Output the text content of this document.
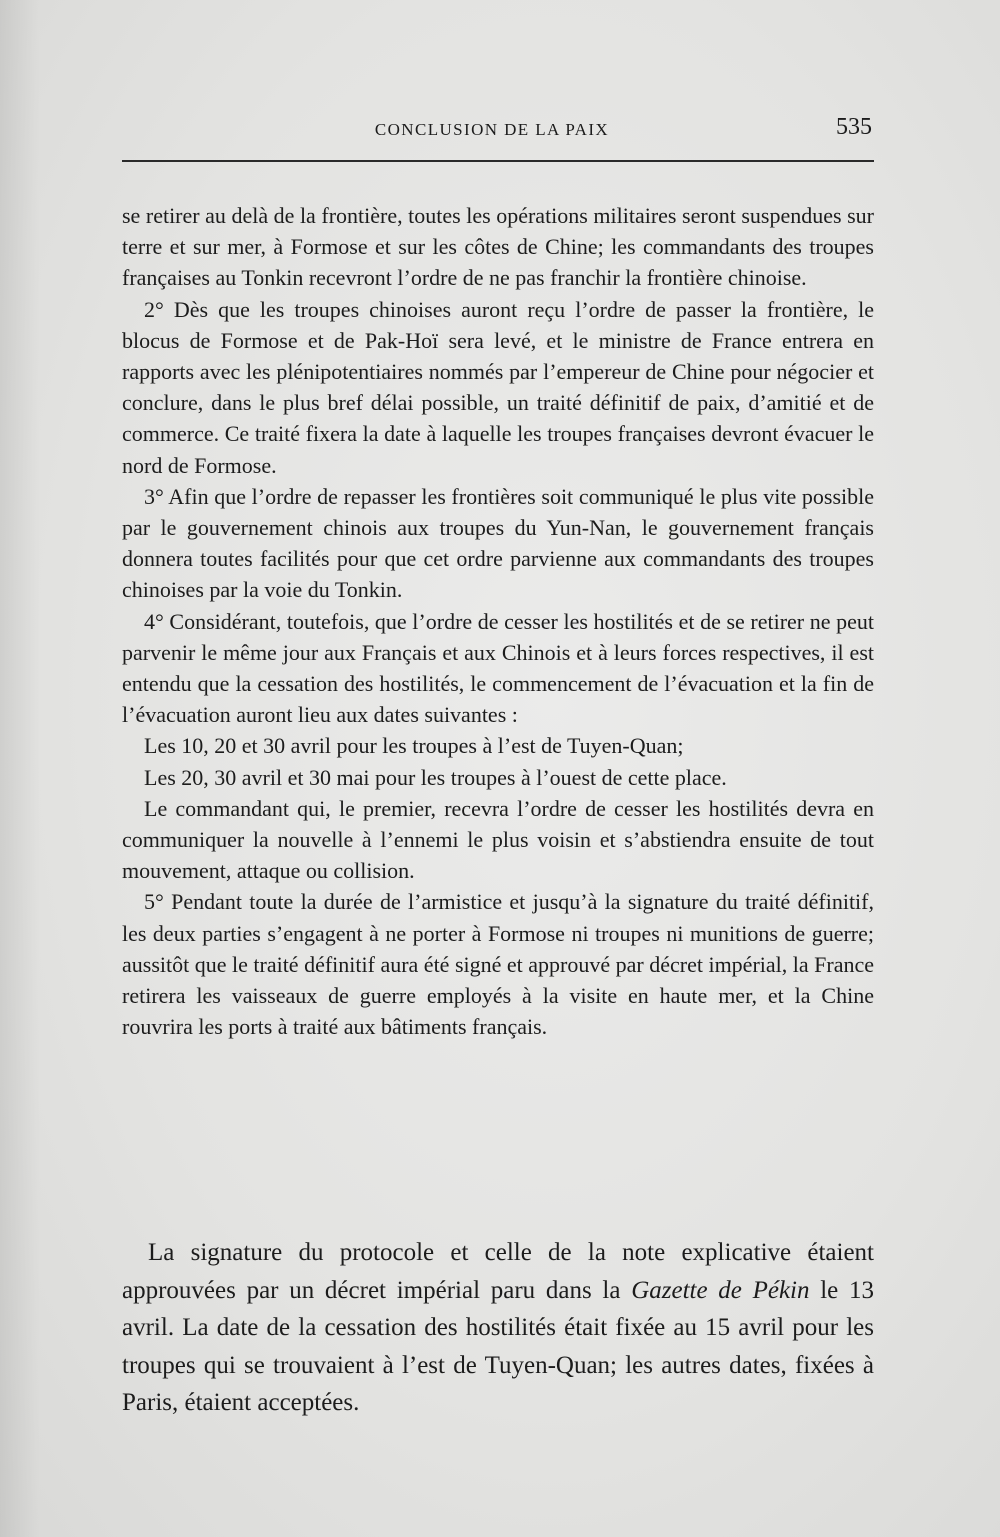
CONCLUSION DE LA PAIX	535

se retirer au delà de la frontière, toutes les opérations militaires seront suspendues sur terre et sur mer, à Formose et sur les côtes de Chine; les commandants des troupes françaises au Tonkin recevront l’ordre de ne pas franchir la frontière chinoise.

2° Dès que les troupes chinoises auront reçu l’ordre de passer la frontière, le blocus de Formose et de Pak-Hoï sera levé, et le ministre de France entrera en rapports avec les plénipotentiaires nommés par l’empereur de Chine pour négocier et conclure, dans le plus bref délai possible, un traité définitif de paix, d’amitié et de commerce. Ce traité fixera la date à laquelle les troupes françaises devront évacuer le nord de Formose.

3° Afin que l’ordre de repasser les frontières soit communiqué le plus vite possible par le gouvernement chinois aux troupes du Yun-Nan, le gouvernement français donnera toutes facilités pour que cet ordre parvienne aux commandants des troupes chinoises par la voie du Tonkin.

4° Considérant, toutefois, que l’ordre de cesser les hostilités et de se retirer ne peut parvenir le même jour aux Français et aux Chinois et à leurs forces respectives, il est entendu que la cessation des hostilités, le commencement de l’évacuation et la fin de l’évacuation auront lieu aux dates suivantes :

Les 10, 20 et 30 avril pour les troupes à l’est de Tuyen-Quan;

Les 20, 30 avril et 30 mai pour les troupes à l’ouest de cette place.

Le commandant qui, le premier, recevra l’ordre de cesser les hostilités devra en communiquer la nouvelle à l’ennemi le plus voisin et s’abstiendra ensuite de tout mouvement, attaque ou collision.

5° Pendant toute la durée de l’armistice et jusqu’à la signature du traité définitif, les deux parties s’engagent à ne porter à Formose ni troupes ni munitions de guerre; aussitôt que le traité définitif aura été signé et approuvé par décret impérial, la France retirera les vaisseaux de guerre employés à la visite en haute mer, et la Chine rouvrira les ports à traité aux bâtiments français.

La signature du protocole et celle de la note explicative étaient approuvées par un décret impérial paru dans la Gazette de Pékin le 13 avril. La date de la cessation des hostilités était fixée au 15 avril pour les troupes qui se trouvaient à l’est de Tuyen-Quan; les autres dates, fixées à Paris, étaient acceptées.
